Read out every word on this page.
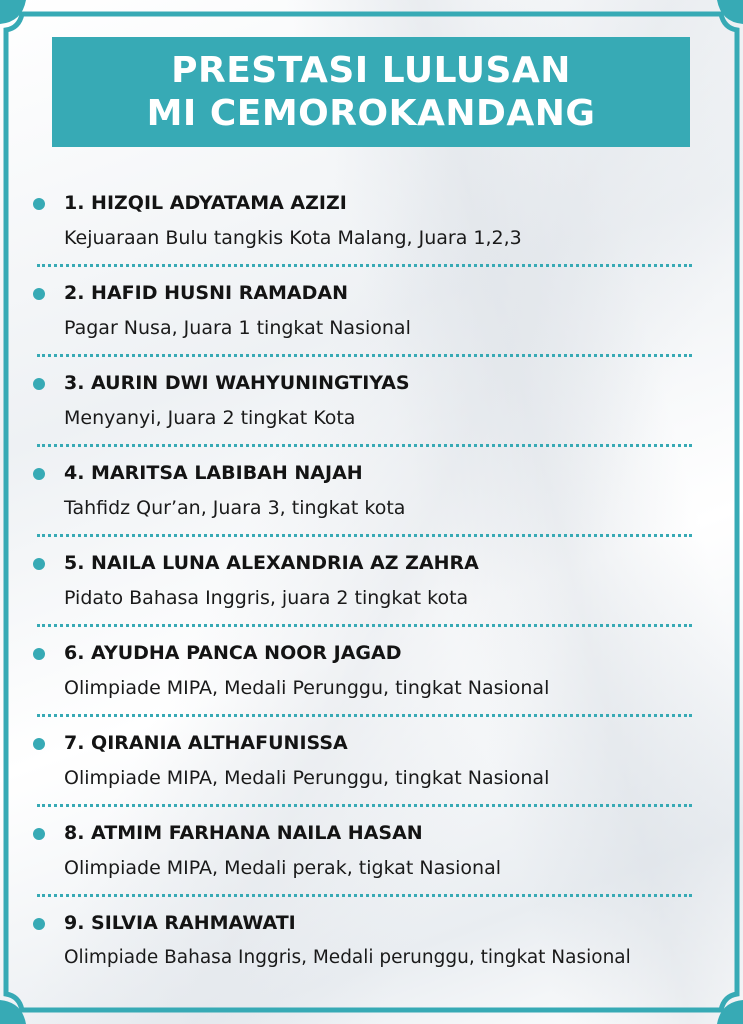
PRESTASI LULUSAN
MI CEMOROKANDANG
1. HIZQIL ADYATAMA AZIZI
Kejuaraan Bulu tangkis Kota Malang, Juara 1,2,3
2. HAFID HUSNI RAMADAN
Pagar Nusa, Juara 1 tingkat Nasional
3. AURIN DWI WAHYUNINGTIYAS
Menyanyi, Juara 2 tingkat Kota
4. MARITSA LABIBAH NAJAH
Tahfidz Qur’an, Juara 3, tingkat kota
5. NAILA LUNA ALEXANDRIA AZ ZAHRA
Pidato Bahasa Inggris, juara 2 tingkat kota
6. AYUDHA PANCA NOOR JAGAD
Olimpiade MIPA, Medali Perunggu, tingkat Nasional
7. QIRANIA ALTHAFUNISSA
Olimpiade MIPA, Medali Perunggu, tingkat Nasional
8. ATMIM FARHANA NAILA HASAN
Olimpiade MIPA, Medali perak, tigkat Nasional
9. SILVIA RAHMAWATI
Olimpiade Bahasa Inggris, Medali perunggu, tingkat Nasional
